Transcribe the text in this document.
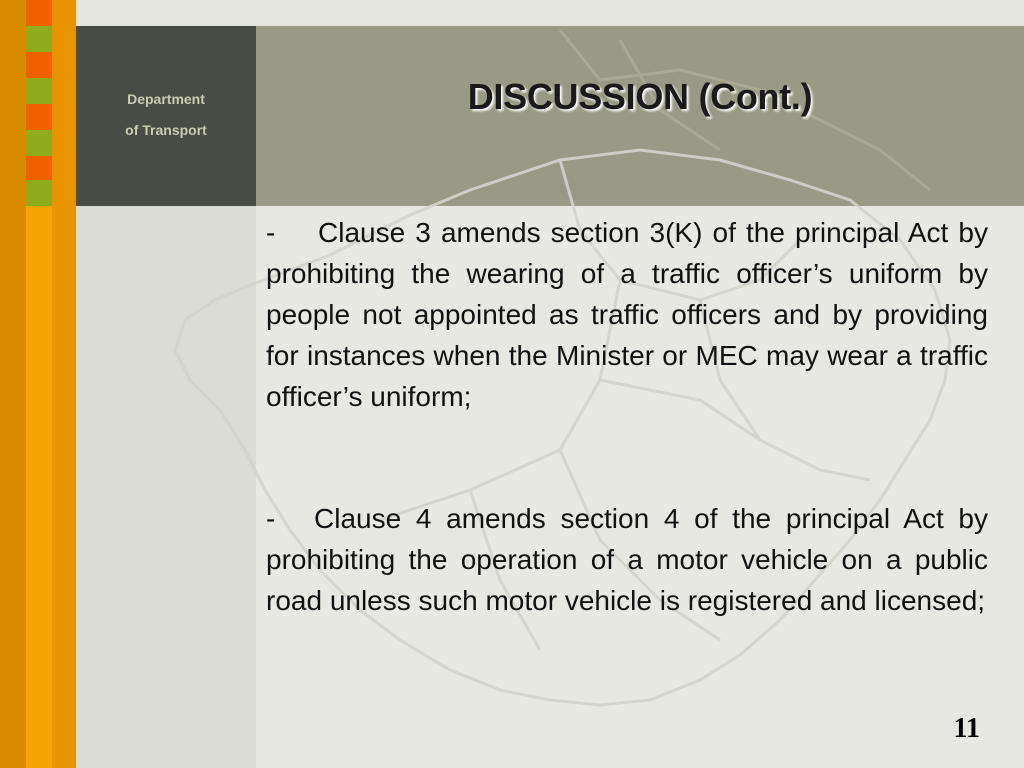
Department
of Transport
DISCUSSION (Cont.)
- Clause 3 amends section 3(K) of the principal Act by prohibiting the wearing of a traffic officer’s uniform by people not appointed as traffic officers and by providing for instances when the Minister or MEC may wear a traffic officer’s uniform;
- Clause 4 amends section 4 of the principal Act by prohibiting the operation of a motor vehicle on a public road unless such motor vehicle is registered and licensed;
11
